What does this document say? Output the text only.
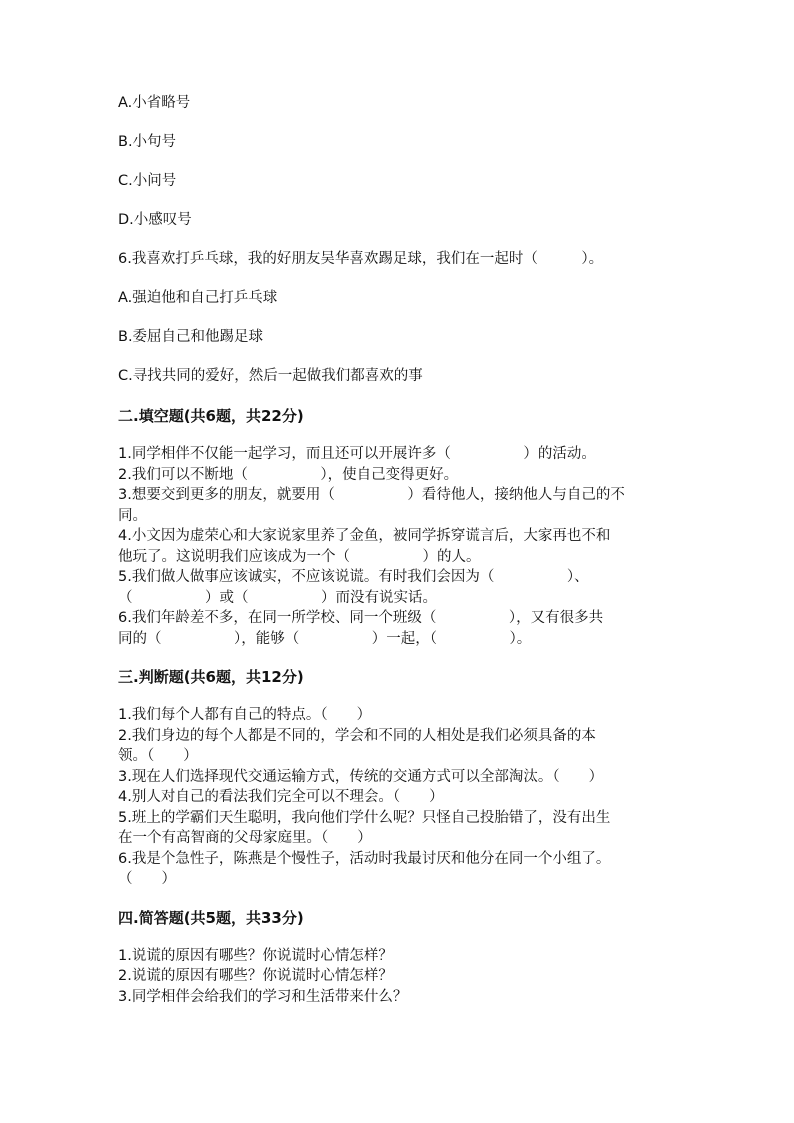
A.小省略号
B.小句号
C.小问号
D.小感叹号
6.我喜欢打乒乓球，我的好朋友吴华喜欢踢足球，我们在一起时（　　　）。
A.强迫他和自己打乒乓球
B.委屈自己和他踢足球
C.寻找共同的爱好，然后一起做我们都喜欢的事
二.填空题(共6题，共22分)

1.同学相伴不仅能一起学习，而且还可以开展许多（　　　　　）的活动。

2.我们可以不断地（　　　　　），使自己变得更好。

3.想要交到更多的朋友，就要用（　　　　　）看待他人，接纳他人与自己的不

同。

4.小文因为虚荣心和大家说家里养了金鱼，被同学拆穿谎言后，大家再也不和

他玩了。这说明我们应该成为一个（　　　　　）的人。

5.我们做人做事应该诚实，不应该说谎。有时我们会因为（　　　　　）、

（　　　　　）或（　　　　　）而没有说实话。

6.我们年龄差不多，在同一所学校、同一个班级（　　　　　），又有很多共

同的（　　　　　），能够（　　　　　）一起，（　　　　　）。

三.判断题(共6题，共12分)

1.我们每个人都有自己的特点。（　　）

2.我们身边的每个人都是不同的，学会和不同的人相处是我们必须具备的本

领。（　　）

3.现在人们选择现代交通运输方式，传统的交通方式可以全部淘汰。（　　）

4.别人对自己的看法我们完全可以不理会。（　　）

5.班上的学霸们天生聪明，我向他们学什么呢？只怪自己投胎错了，没有出生

在一个有高智商的父母家庭里。（　　）

6.我是个急性子，陈燕是个慢性子，活动时我最讨厌和他分在同一个小组了。

（　　）

四.简答题(共5题，共33分)

1.说谎的原因有哪些？你说谎时心情怎样？

2.说谎的原因有哪些？你说谎时心情怎样？

3.同学相伴会给我们的学习和生活带来什么？
